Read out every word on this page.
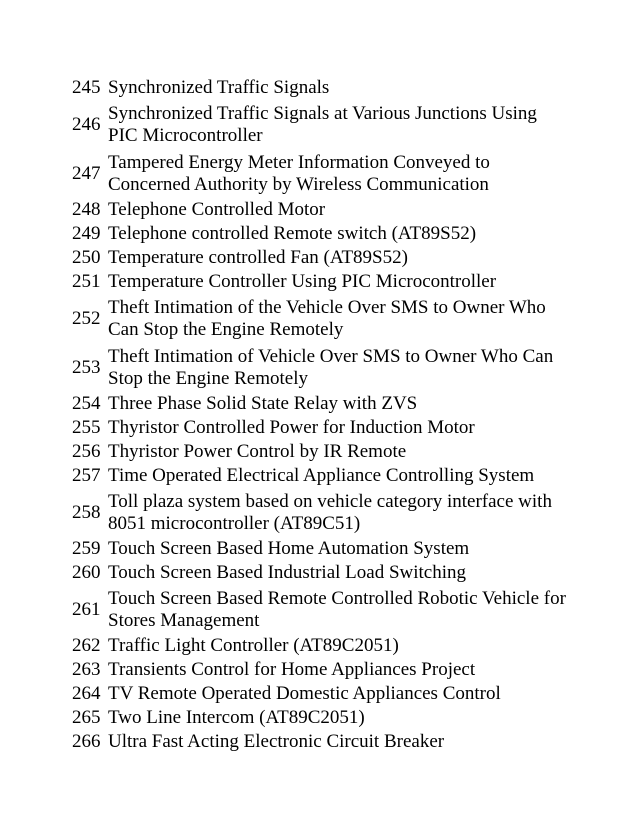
245 Synchronized Traffic Signals
246
Synchronized Traffic Signals at Various Junctions Using
PIC Microcontroller
247
Tampered Energy Meter Information Conveyed to
Concerned Authority by Wireless Communication
248 Telephone Controlled Motor
249 Telephone controlled Remote switch (AT89S52)
250 Temperature controlled Fan (AT89S52)
251 Temperature Controller Using PIC Microcontroller
252
Theft Intimation of the Vehicle Over SMS to Owner Who
Can Stop the Engine Remotely
253
Theft Intimation of Vehicle Over SMS to Owner Who Can
Stop the Engine Remotely
254 Three Phase Solid State Relay with ZVS
255 Thyristor Controlled Power for Induction Motor
256 Thyristor Power Control by IR Remote
257 Time Operated Electrical Appliance Controlling System
258
Toll plaza system based on vehicle category interface with
8051 microcontroller (AT89C51)
259 Touch Screen Based Home Automation System
260 Touch Screen Based Industrial Load Switching
261
Touch Screen Based Remote Controlled Robotic Vehicle for
Stores Management
262 Traffic Light Controller (AT89C2051)
263 Transients Control for Home Appliances Project
264 TV Remote Operated Domestic Appliances Control
265 Two Line Intercom (AT89C2051)
266 Ultra Fast Acting Electronic Circuit Breaker
